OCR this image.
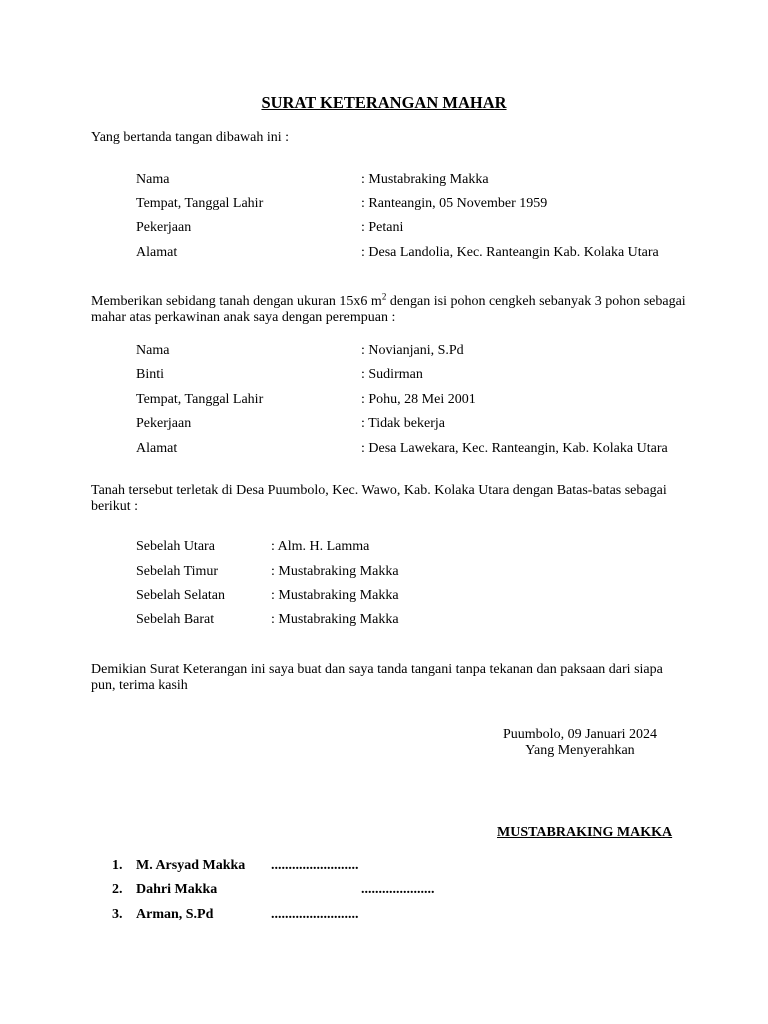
SURAT KETERANGAN MAHAR
Yang bertanda tangan dibawah ini :
Nama	: Mustabraking Makka
Tempat, Tanggal Lahir	: Ranteangin, 05 November 1959
Pekerjaan	: Petani
Alamat	: Desa Landolia, Kec. Ranteangin Kab. Kolaka Utara
Memberikan sebidang tanah dengan ukuran 15x6 $m^2$ dengan isi pohon cengkeh sebanyak 3 pohon sebagai
mahar atas perkawinan anak saya dengan perempuan :
Nama	: Novianjani, S.Pd
Binti	: Sudirman
Tempat, Tanggal Lahir	: Pohu, 28 Mei 2001
Pekerjaan	: Tidak bekerja
Alamat	: Desa Lawekara, Kec. Ranteangin, Kab. Kolaka Utara
Tanah tersebut terletak di Desa Puumbolo, Kec. Wawo, Kab. Kolaka Utara dengan Batas-batas sebagai
berikut :
Sebelah Utara	: Alm. H. Lamma
Sebelah Timur	: Mustabraking Makka
Sebelah Selatan	: Mustabraking Makka
Sebelah Barat	: Mustabraking Makka
Demikian Surat Keterangan ini saya buat dan saya tanda tangani tanpa tekanan dan paksaan dari siapa
pun, terima kasih
Puumbolo, 09 Januari 2024
Yang Menyerahkan
MUSTABRAKING MAKKA
1. M. Arsyad Makka .........................
2. Dahri Makka	.....................
3. Arman, S.Pd	.........................
